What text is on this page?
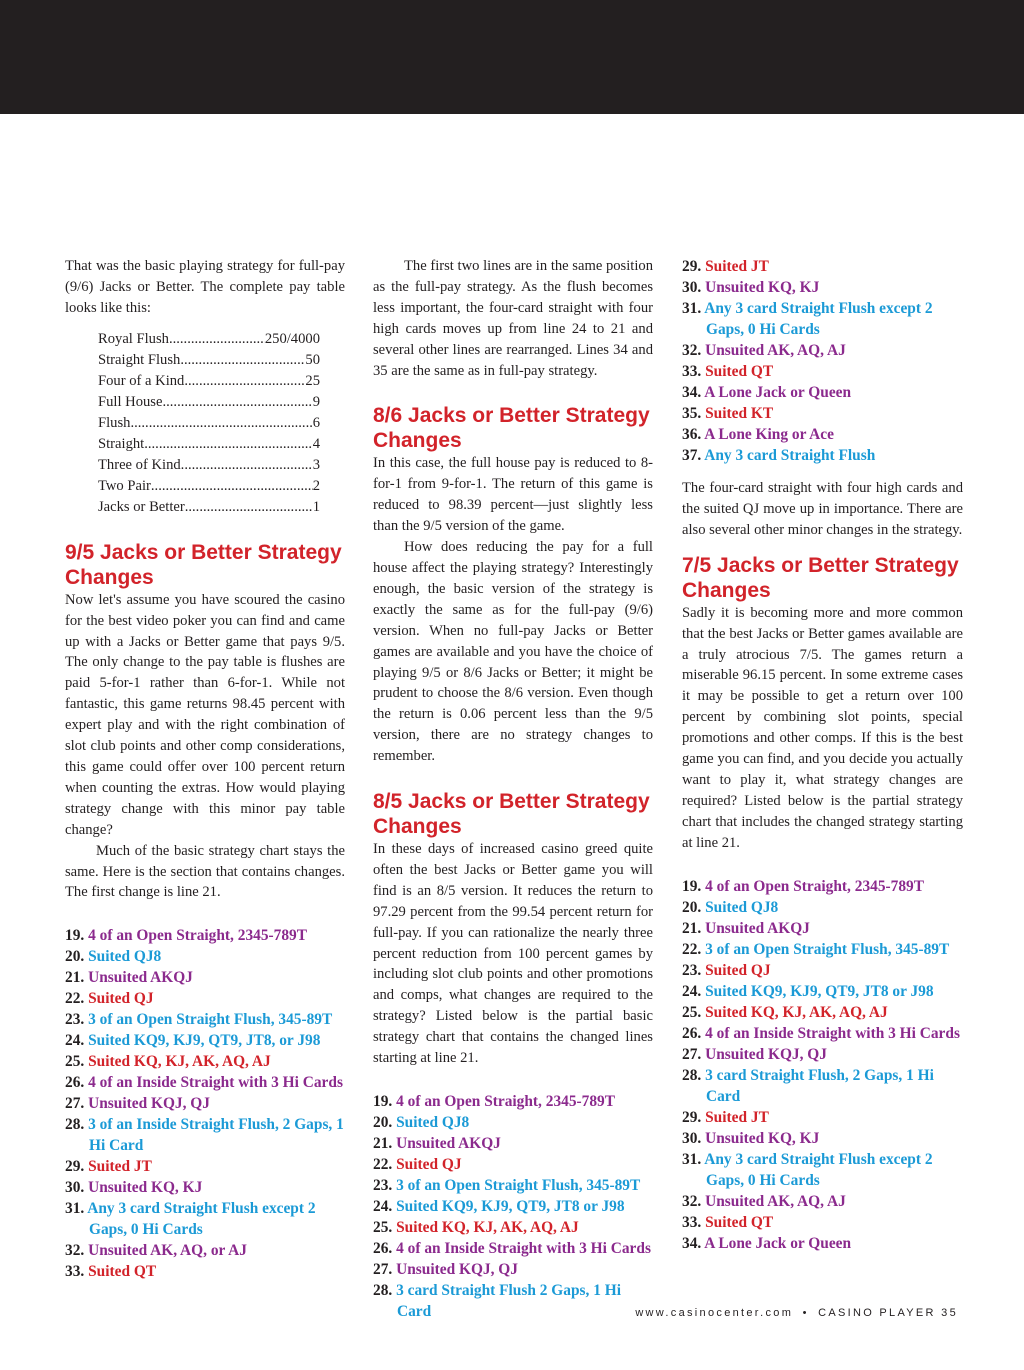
That was the basic playing strategy for full-pay (9/6) Jacks or Better. The complete pay table looks like this:

Royal Flush .....	250/4000
Straight Flush .....	50
Four of a Kind .....	25
Full House .....	9
Flush .....	6
Straight .....	4
Three of Kind .....	3
Two Pair .....	2
Jacks or Better .....	1
9/5 Jacks or Better Strategy Changes

Now let's assume you have scoured the casino for the best video poker you can find and came up with a Jacks or Better game that pays 9/5. The only change to the pay table is flushes are paid 5-for-1 rather than 6-for-1. While not fantastic, this game returns 98.45 percent with expert play and with the right combination of slot club points and other comp considerations, this game could offer over 100 percent return when counting the extras. How would playing strategy change with this minor pay table change?

Much of the basic strategy chart stays the same. Here is the section that contains changes. The first change is line 21.

19. 4 of an Open Straight, 2345-789T
20. Suited QJ8
21. Unsuited AKQJ
22. Suited QJ
23. 3 of an Open Straight Flush, 345-89T
24. Suited KQ9, KJ9, QT9, JT8, or J98
25. Suited KQ, KJ, AK, AQ, AJ
26. 4 of an Inside Straight with 3 Hi Cards
27. Unsuited KQJ, QJ
28. 3 of an Inside Straight Flush, 2 Gaps, 1 Hi Card
29. Suited JT
30. Unsuited KQ, KJ
31. Any 3 card Straight Flush except 2 Gaps, 0 Hi Cards
32. Unsuited AK, AQ, or AJ
33. Suited QT

The first two lines are in the same position as the full-pay strategy. As the flush becomes less important, the four-card straight with four high cards moves up from line 24 to 21 and several other lines are rearranged. Lines 34 and 35 are the same as in full-pay strategy.

8/6 Jacks or Better Strategy Changes

In this case, the full house pay is reduced to 8-for-1 from 9-for-1. The return of this game is reduced to 98.39 percent—just slightly less than the 9/5 version of the game.

How does reducing the pay for a full house affect the playing strategy? Interestingly enough, the basic version of the strategy is exactly the same as for the full-pay (9/6) version. When no full-pay Jacks or Better games are available and you have the choice of playing 9/5 or 8/6 Jacks or Better; it might be prudent to choose the 8/6 version. Even though the return is 0.06 percent less than the 9/5 version, there are no strategy changes to remember.

8/5 Jacks or Better Strategy Changes

In these days of increased casino greed quite often the best Jacks or Better game you will find is an 8/5 version. It reduces the return to 97.29 percent from the 99.54 percent return for full-pay. If you can rationalize the nearly three percent reduction from 100 percent games by including slot club points and other promotions and comps, what changes are required to the strategy? Listed below is the partial basic strategy chart that contains the changed lines starting at line 21.

19. 4 of an Open Straight, 2345-789T
20. Suited QJ8
21. Unsuited AKQJ
22. Suited QJ
23. 3 of an Open Straight Flush, 345-89T
24. Suited KQ9, KJ9, QT9, JT8 or J98
25. Suited KQ, KJ, AK, AQ, AJ
26. 4 of an Inside Straight with 3 Hi Cards
27. Unsuited KQJ, QJ
28. 3 card Straight Flush 2 Gaps, 1 Hi Card
29. Suited JT
30. Unsuited KQ, KJ
31. Any 3 card Straight Flush except 2 Gaps, 0 Hi Cards
32. Unsuited AK, AQ, AJ
33. Suited QT
34. A Lone Jack or Queen
35. Suited KT
36. A Lone King or Ace
37. Any 3 card Straight Flush

The four-card straight with four high cards and the suited QJ move up in importance. There are also several other minor changes in the strategy.

7/5 Jacks or Better Strategy Changes

Sadly it is becoming more and more common that the best Jacks or Better games available are a truly atrocious 7/5. The games return a miserable 96.15 percent. In some extreme cases it may be possible to get a return over 100 percent by combining slot points, special promotions and other comps. If this is the best game you can find, and you decide you actually want to play it, what strategy changes are required? Listed below is the partial strategy chart that includes the changed strategy starting at line 21.

19. 4 of an Open Straight, 2345-789T
20. Suited QJ8
21. Unsuited AKQJ
22. 3 of an Open Straight Flush, 345-89T
23. Suited QJ
24. Suited KQ9, KJ9, QT9, JT8 or J98
25. Suited KQ, KJ, AK, AQ, AJ
26. 4 of an Inside Straight with 3 Hi Cards
27. Unsuited KQJ, QJ
28. 3 card Straight Flush, 2 Gaps, 1 Hi Card
29. Suited JT
30. Unsuited KQ, KJ
31. Any 3 card Straight Flush except 2 Gaps, 0 Hi Cards
32. Unsuited AK, AQ, AJ
33. Suited QT
34. A Lone Jack or Queen
www.casinocenter.com • CASINO PLAYER 35
